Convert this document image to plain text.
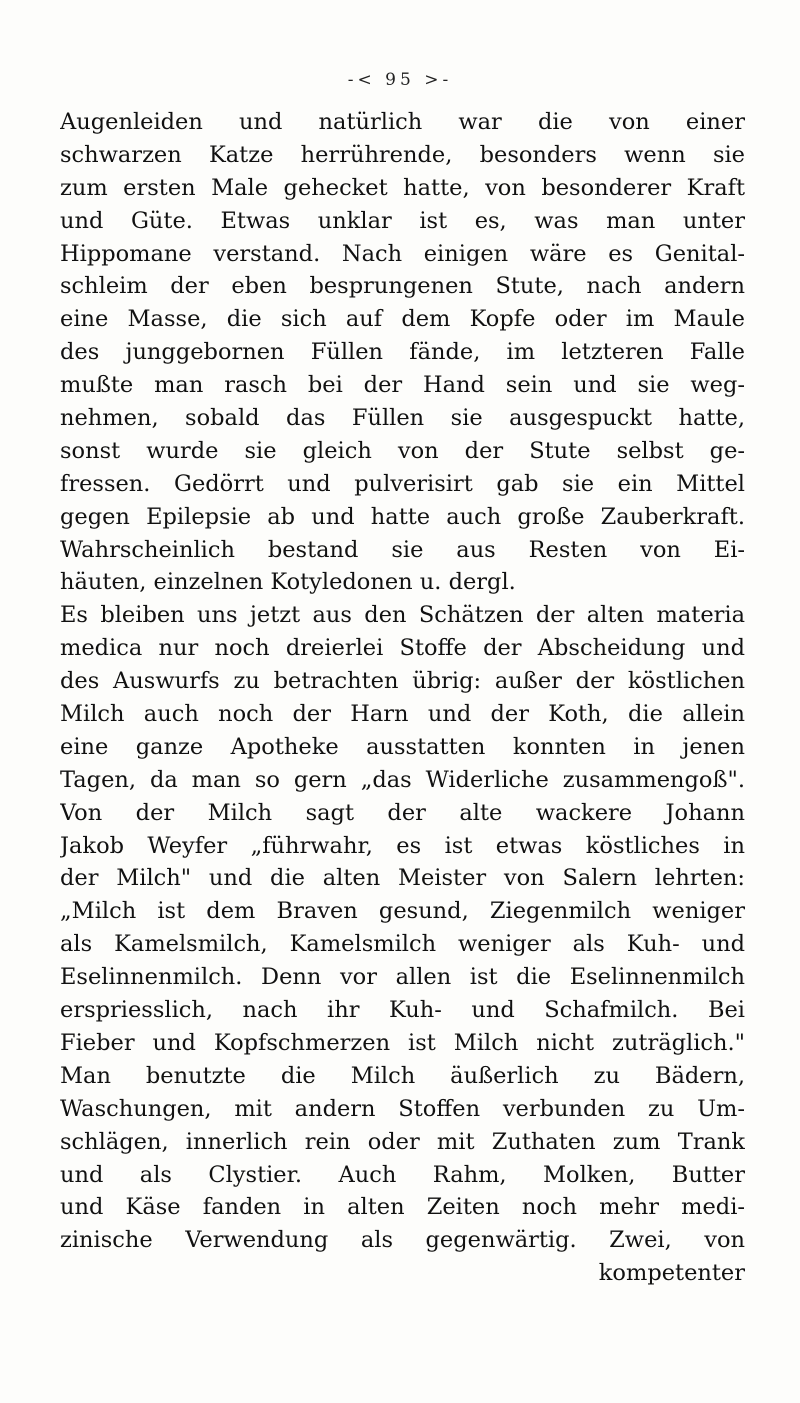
-< 95 >-
Augenleiden und natürlich war die von einer
schwarzen Katze herrührende, besonders wenn sie
zum ersten Male gehecket hatte, von besonderer Kraft
und Güte. Etwas unklar ist es, was man unter
Hippomane verstand. Nach einigen wäre es Genital-
schleim der eben besprungenen Stute, nach andern
eine Masse, die sich auf dem Kopfe oder im Maule
des junggebornen Füllen fände, im letzteren Falle
mußte man rasch bei der Hand sein und sie weg-
nehmen, sobald das Füllen sie ausgespuckt hatte,
sonst wurde sie gleich von der Stute selbst ge-
fressen. Gedörrt und pulverisirt gab sie ein Mittel
gegen Epilepsie ab und hatte auch große Zauberkraft.
Wahrscheinlich bestand sie aus Resten von Ei-
häuten, einzelnen Kotyledonen u. dergl.
Es bleiben uns jetzt aus den Schätzen der alten materia
medica nur noch dreierlei Stoffe der Abscheidung und
des Auswurfs zu betrachten übrig: außer der köstlichen
Milch auch noch der Harn und der Koth, die allein
eine ganze Apotheke ausstatten konnten in jenen
Tagen, da man so gern „das Widerliche zusammengoß".
Von der Milch sagt der alte wackere Johann
Jakob Weyfer „führwahr, es ist etwas köstliches in
der Milch" und die alten Meister von Salern lehrten:
„Milch ist dem Braven gesund, Ziegenmilch weniger
als Kamelsmilch, Kamelsmilch weniger als Kuh- und
Eselinnenmilch. Denn vor allen ist die Eselinnenmilch
erspriesslich, nach ihr Kuh- und Schafmilch. Bei
Fieber und Kopfschmerzen ist Milch nicht zuträglich."
Man benutzte die Milch äußerlich zu Bädern,
Waschungen, mit andern Stoffen verbunden zu Um-
schlägen, innerlich rein oder mit Zuthaten zum Trank
und als Clystier. Auch Rahm, Molken, Butter
und Käse fanden in alten Zeiten noch mehr medi-
zinische Verwendung als gegenwärtig. Zwei, von
kompetenter
